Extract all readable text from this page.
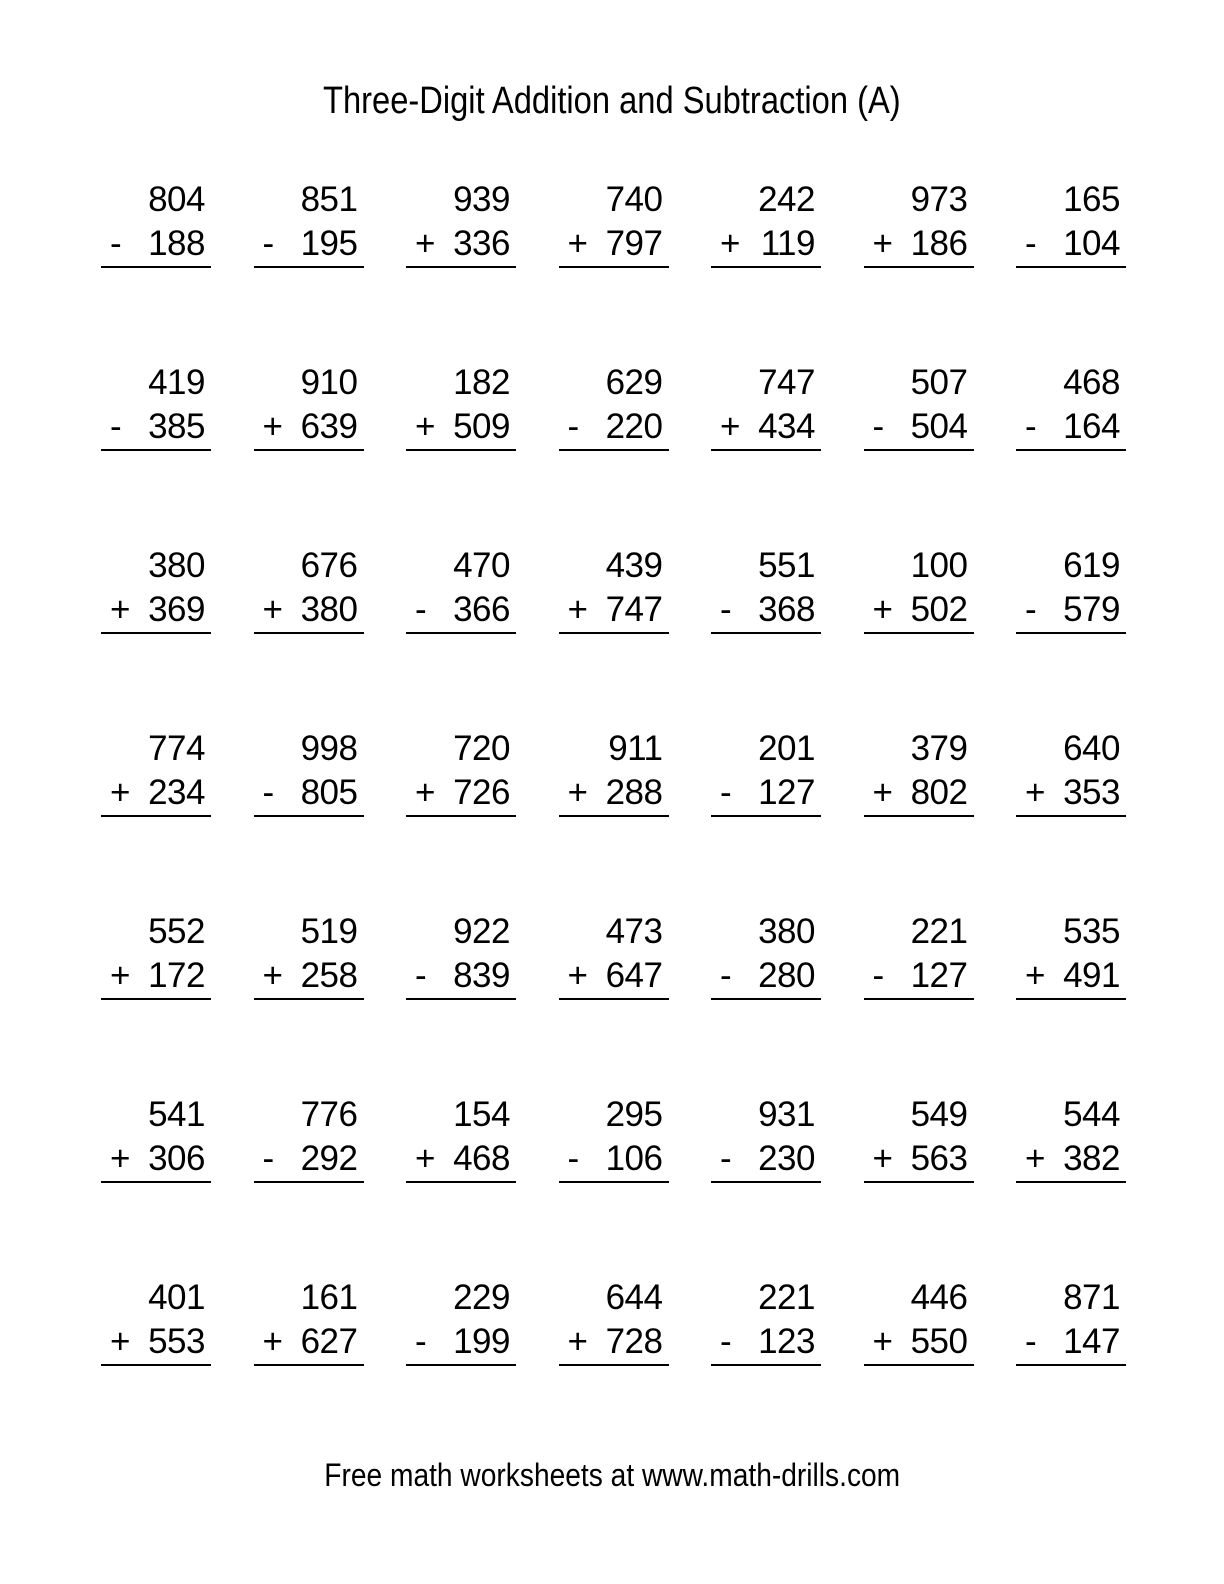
Three-Digit Addition and Subtraction (A)
804
- 188
851
- 195
939
+ 336
740
+ 797
242
+ 119
973
+ 186
165
- 104
419
- 385
910
+ 639
182
+ 509
629
- 220
747
+ 434
507
- 504
468
- 164
380
+ 369
676
+ 380
470
- 366
439
+ 747
551
- 368
100
+ 502
619
- 579
774
+ 234
998
- 805
720
+ 726
911
+ 288
201
- 127
379
+ 802
640
+ 353
552
+ 172
519
+ 258
922
- 839
473
+ 647
380
- 280
221
- 127
535
+ 491
541
+ 306
776
- 292
154
+ 468
295
- 106
931
- 230
549
+ 563
544
+ 382
401
+ 553
161
+ 627
229
- 199
644
+ 728
221
- 123
446
+ 550
871
- 147
Free math worksheets at www.math-drills.com
